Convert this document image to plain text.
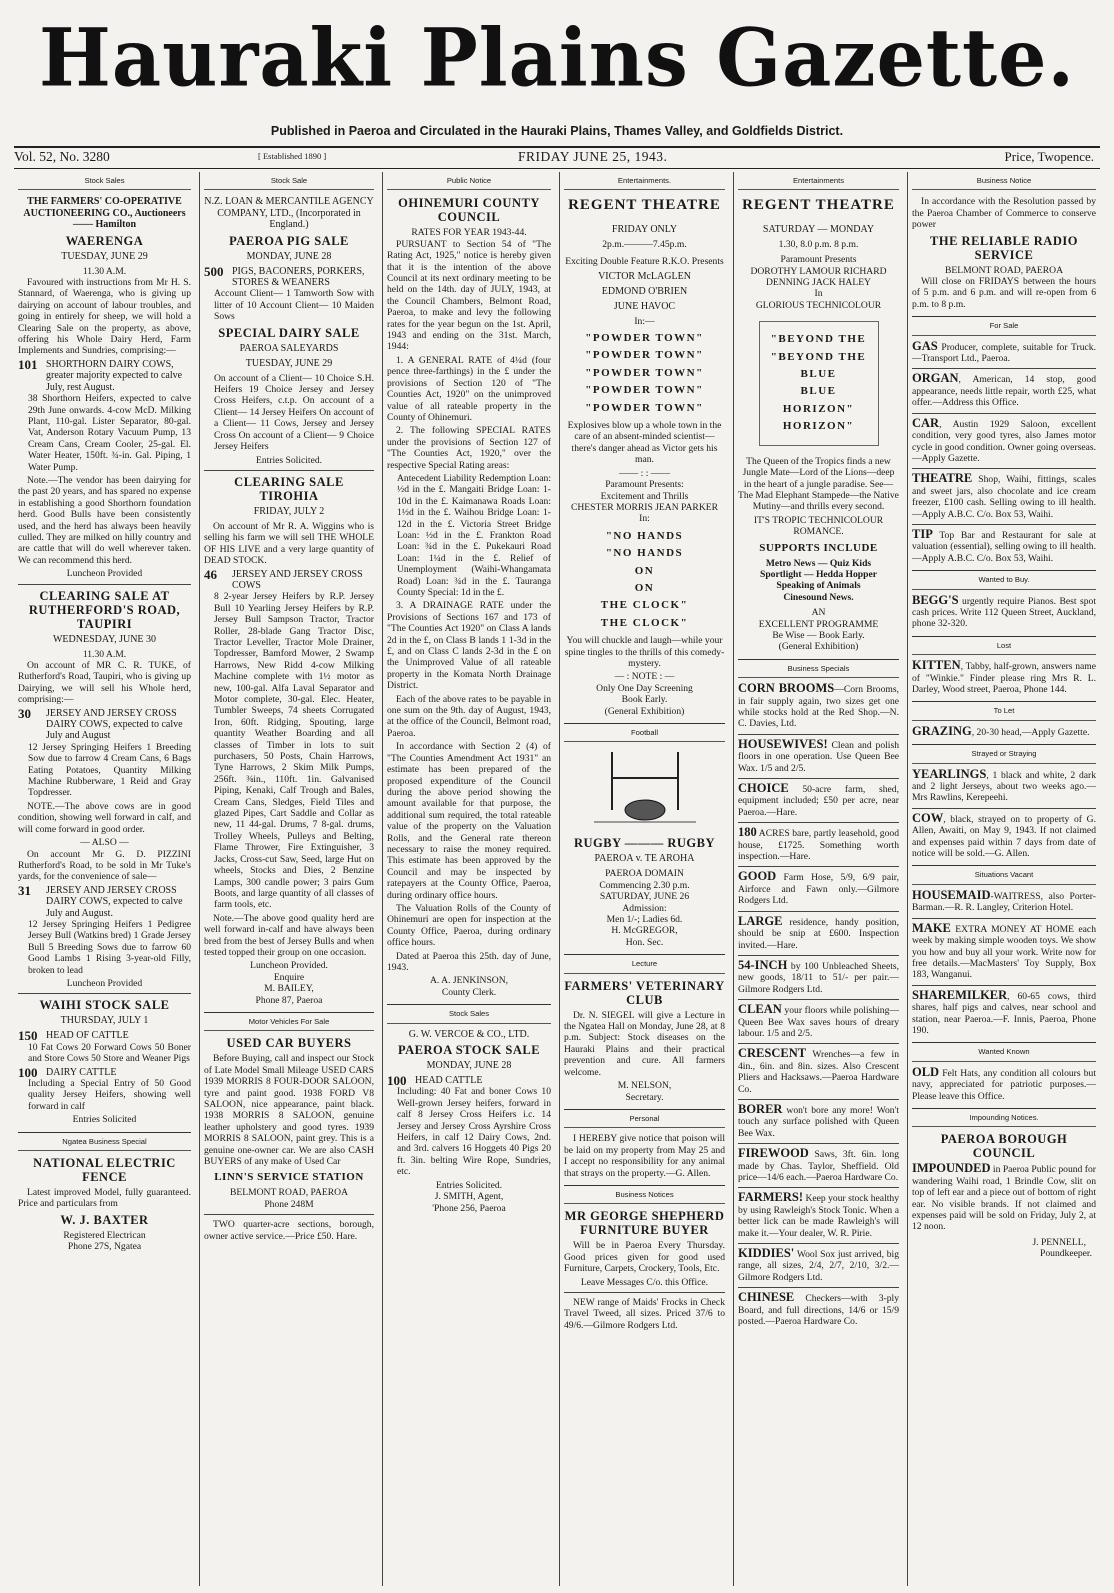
Hauraki Plains Gazette.
Published in Paeroa and Circulated in the Hauraki Plains, Thames Valley, and Goldfields District.
Vol. 52, No. 3280	[ Established 1890 ]	FRIDAY JUNE 25, 1943.	Price, Twopence.
Stock Sales
THE FARMERS' CO-OPERATIVE AUCTIONEERING CO., Auctioneers —— Hamilton
WAERENGA
TUESDAY, JUNE 29
11.30 A.M.
Favoured with instructions from Mr H. S. Stannard, of Waerenga, who is giving up dairying on account of labour troubles, and going in entirely for sheep, we will hold a Clearing Sale on the property, as above, offering his Whole Dairy Herd, Farm Implements and Sundries, comprising:—
101 SHORTHORN DAIRY COWS, greater majority expected to calve July, rest August.
38 Shorthorn Heifers, expected to calve 29th June onwards. 4-cow McD. Milking Plant, 110-gal. Lister Separator, 80-gal. Vat, Anderson Rotary Vacuum Pump, 13 Cream Cans, Cream Cooler, 25-gal. El. Water Heater, 150ft. ¾-in. Gal. Piping, 1 Water Pump.
Note.—The vendor has been dairying for the past 20 years, and has spared no expense in establishing a good Shorthorn foundation herd. Good Bulls have been consistently used, and the herd has always been heavily culled. They are milked on hilly country and are cattle that will do well wherever taken. We can recommend this herd.
Luncheon Provided
CLEARING SALE AT RUTHERFORD'S ROAD, TAUPIRI
WEDNESDAY, JUNE 30
11.30 A.M.
On account of MR C. R. TUKE, of Rutherford's Road, Taupiri, who is giving up Dairying, we will sell his Whole herd, comprising:—
30	JERSEY AND JERSEY CROSS DAIRY COWS, expected to calve July and August
12 Jersey Springing Heifers 1 Breeding Sow due to farrow 4 Cream Cans, 6 Bags Eating Potatoes, Quantity Milking Machine Rubberware, 1 Reid and Gray Topdresser.
NOTE.—The above cows are in good condition, showing well forward in calf, and will come forward in good order.
— ALSO —
On account Mr G. D. PIZZINI Rutherford's Road, to be sold in Mr Tuke's yards, for the convenience of sale—
31	JERSEY AND JERSEY CROSS DAIRY COWS, expected to calve July and August.
12 Jersey Springing Heifers 1 Pedigree Jersey Bull (Watkins bred) 1 Grade Jersey Bull 5 Breeding Sows due to farrow 60 Good Lambs 1 Rising 3-year-old Filly, broken to lead
Luncheon Provided
WAIHI STOCK SALE
THURSDAY, JULY 1
150 HEAD OF CATTLE
10 Fat Cows 20 Forward Cows 50 Boner and Store Cows 50 Store and Weaner Pigs
100 DAIRY CATTLE
Including a Special Entry of 50 Good quality Jersey Heifers, showing well forward in calf
Entries Solicited
Ngatea Business Special
NATIONAL ELECTRIC FENCE
Latest improved Model, fully guaranteed. Price and particulars from
W. J. BAXTER
Registered Electrican
Phone 27S, Ngatea
Stock Sale
N.Z. LOAN & MERCANTILE AGENCY COMPANY, LTD., (Incorporated in England.)
PAEROA PIG SALE
MONDAY, JUNE 28
500 PIGS, BACONERS, PORKERS, STORES & WEANERS
Account Client— 1 Tamworth Sow with litter of 10 Account Client— 10 Maiden Sows
SPECIAL DAIRY SALE
PAEROA SALEYARDS
TUESDAY, JUNE 29
On account of a Client— 10 Choice S.H. Heifers 19 Choice Jersey and Jersey Cross Heifers, c.t.p. On account of a Client— 14 Jersey Heifers On account of a Client— 11 Cows, Jersey and Jersey Cross On account of a Client— 9 Choice Jersey Heifers
Entries Solicited.
CLEARING SALE TIROHIA
FRIDAY, JULY 2
On account of Mr R. A. Wiggins who is selling his farm we will sell THE WHOLE OF HIS LIVE and a very large quantity of DEAD STOCK.
46	JERSEY AND JERSEY CROSS COWS
8 2-year Jersey Heifers by R.P. Jersey Bull 10 Yearling Jersey Heifers by R.P. Jersey Bull Sampson Tractor, Tractor Roller, 28-blade Gang Tractor Disc, Tractor Leveller, Tractor Mole Drainer, Topdresser, Bamford Mower, 2 Swamp Harrows, New Ridd 4-cow Milking Machine complete with 1½ motor as new, 100-gal. Alfa Laval Separator and Motor complete, 30-gal. Elec. Heater, Tumbler Sweeps, 74 sheets Corrugated Iron, 60ft. Ridging, Spouting, large quantity Weather Boarding and all classes of Timber in lots to suit purchasers, 50 Posts, Chain Harrows, Tyne Harrows, 2 Skim Milk Pumps, 256ft. ⅜in., 110ft. 1in. Galvanised Piping, Kenaki, Calf Trough and Bales, Cream Cans, Sledges, Field Tiles and glazed Pipes, Cart Saddle and Collar as new, 11 44-gal. Drums, 7 8-gal. drums, Trolley Wheels, Pulleys and Belting, Flame Thrower, Fire Extinguisher, 3 Jacks, Cross-cut Saw, Seed, large Hut on wheels, Stocks and Dies, 2 Benzine Lamps, 300 candle power; 3 pairs Gum Boots, and large quantity of all classes of farm tools, etc.
Note.—The above good quality herd are well forward in-calf and have always been bred from the best of Jersey Bulls and when tested topped their group on one occasion.
Luncheon Provided.
Enquire
M. BAILEY,
Phone 87, Paeroa
Motor Vehicles For Sale
USED CAR BUYERS
Before Buying, call and inspect our Stock of Late Model Small Mileage USED CARS 1939 MORRIS 8 FOUR-DOOR SALOON, tyre and paint good. 1938 FORD V8 SALOON, nice appearance, paint black. 1938 MORRIS 8 SALOON, genuine leather upholstery and good tyres. 1939 MORRIS 8 SALOON, paint grey. This is a genuine one-owner car. We are also CASH BUYERS of any make of Used Car
LINN'S SERVICE STATION
BELMONT ROAD, PAEROA
Phone 248M
TWO quarter-acre sections, borough, owner active service.—Price £50. Hare.
Public Notice
OHINEMURI COUNTY COUNCIL
RATES FOR YEAR 1943-44.
PURSUANT to Section 54 of "The Rating Act, 1925," notice is hereby given that it is the intention of the above Council at its next ordinary meeting to be held on the 14th. day of JULY, 1943, at the Council Chambers, Belmont Road, Paeroa, to make and levy the following rates for the year begun on the 1st. April, 1943 and ending on the 31st. March, 1944:
1. A GENERAL RATE of 4¼d (four pence three-farthings) in the £ under the provisions of Section 120 of "The Counties Act, 1920" on the unimproved value of all rateable property in the County of Ohinemuri.
2. The following SPECIAL RATES under the provisions of Section 127 of "The Counties Act, 1920," over the respective Special Rating areas:
Antecedent Liability Redemption Loan: ½d in the £. Mangaiti Bridge Loan: 1-10d in the £. Kaimanawa Roads Loan: 1½d in the £. Waihou Bridge Loan: 1-12d in the £. Victoria Street Bridge Loan: ½d in the £. Frankton Road Loan: ¾d in the £. Pukekauri Road Loan: 1¼d in the £. Relief of Unemployment (Waihi-Whangamata Road) Loan: ¾d in the £. Tauranga County Special: 1d in the £.
3. A DRAINAGE RATE under the Provisions of Sections 167 and 173 of "The Counties Act 1920" on Class A lands 2d in the £, on Class B lands 1 1-3d in the £, and on Class C lands 2-3d in the £ on the Unimproved Value of all rateable property in the Komata North Drainage District.
Each of the above rates to be payable in one sum on the 9th. day of August, 1943, at the office of the Council, Belmont road, Paeroa.
In accordance with Section 2 (4) of "The Counties Amendment Act 1931" an estimate has been prepared of the proposed expenditure of the Council during the above period showing the amount available for that purpose, the additional sum required, the total rateable value of the property on the Valuation Rolls, and the General rate thereon necessary to raise the money required. This estimate has been approved by the Council and may be inspected by ratepayers at the County Office, Paeroa, during ordinary office hours.
The Valuation Rolls of the County of Ohinemuri are open for inspection at the County Office, Paeroa, during ordinary office hours.
Dated at Paeroa this 25th. day of June, 1943.
A. A. JENKINSON,
County Clerk.
Stock Sales
G. W. VERCOE & CO., LTD.
PAEROA STOCK SALE
MONDAY, JUNE 28
100 HEAD CATTLE
Including: 40 Fat and boner Cows 10 Well-grown Jersey heifers, forward in calf 8 Jersey Cross Heifers i.c. 14 Jersey and Jersey Cross Ayrshire Cross Heifers, in calf 12 Dairy Cows, 2nd. and 3rd. calvers 16 Hoggets 40 Pigs 20 ft. 3in. belting Wire Rope, Sundries, etc.
Entries Solicited.
J. SMITH, Agent,
'Phone 256, Paeroa
Entertainments.
REGENT THEATRE
FRIDAY ONLY
2p.m.———7.45p.m.
Exciting Double Feature R.K.O. Presents
VICTOR McLAGLEN
EDMOND O'BRIEN
JUNE HAVOC
In:—
"POWDER TOWN"
"POWDER TOWN"
"POWDER TOWN"
"POWDER TOWN"
"POWDER TOWN"
Explosives blow up a whole town in the care of an absent-minded scientist—there's danger ahead as Victor gets his man.
—— : : ——
Paramount Presents:
Excitement and Thrills
CHESTER MORRIS JEAN PARKER
In:
"NO HANDS
"NO HANDS
ON
ON
THE CLOCK"
THE CLOCK"
You will chuckle and laugh—while your spine tingles to the thrills of this comedy-mystery.
— : NOTE : —
Only One Day Screening
Book Early.
(General Exhibition)
Football
RUGBY ——— RUGBY
PAEROA v. TE AROHA
PAEROA DOMAIN
Commencing 2.30 p.m.
SATURDAY, JUNE 26
Admission:
Men 1/-; Ladies 6d.
H. McGREGOR,
Hon. Sec.
Lecture
FARMERS' VETERINARY CLUB
Dr. N. SIEGEL will give a Lecture in the Ngatea Hall on Monday, June 28, at 8 p.m. Subject: Stock diseases on the Hauraki Plains and their practical prevention and cure. All farmers welcome.
M. NELSON,
Secretary.
Personal
I HEREBY give notice that poison will be laid on my property from May 25 and I accept no responsibility for any animal that strays on the property.—G. Allen.
Business Notices
MR GEORGE SHEPHERD FURNITURE BUYER
Will be in Paeroa Every Thursday. Good prices given for good used Furniture, Carpets, Crockery, Tools, Etc.
Leave Messages C/o. this Office.
NEW range of Maids' Frocks in Check Travel Tweed, all sizes. Priced 37/6 to 49/6.—Gilmore Rodgers Ltd.
Entertainments
REGENT THEATRE
SATURDAY — MONDAY
1.30, 8.0 p.m. 8 p.m.
Paramount Presents
DOROTHY LAMOUR RICHARD DENNING JACK HALEY
In
GLORIOUS TECHNICOLOUR
"BEYOND THE
"BEYOND THE
BLUE
BLUE
HORIZON"
HORIZON"
The Queen of the Tropics finds a new Jungle Mate—Lord of the Lions—deep in the heart of a jungle paradise. See—The Mad Elephant Stampede—the Native Mutiny—and thrills every second.
IT'S TROPIC TECHNICOLOUR ROMANCE.
SUPPORTS INCLUDE
Metro News — Quiz Kids
Sportlight — Hedda Hopper
Speaking of Animals
Cinesound News.
AN
EXCELLENT PROGRAMME
Be Wise — Book Early.
(General Exhibition)
Business Specials
CORN BROOMS—Corn Brooms, in fair supply again, two sizes get one while stocks hold at the Red Shop.—N. C. Davies, Ltd.
HOUSEWIVES! Clean and polish floors in one operation. Use Queen Bee Wax. 1/5 and 2/5.
CHOICE 50-acre farm, shed, equipment included; £50 per acre, near Paeroa.—Hare.
180 ACRES bare, partly leasehold, good house, £1725. Something worth inspection.—Hare.
GOOD Farm Hose, 5/9, 6/9 pair, Airforce and Fawn only.—Gilmore Rodgers Ltd.
LARGE residence, handy position, should be snip at £600. Inspection invited.—Hare.
54-INCH by 100 Unbleached Sheets, new goods, 18/11 to 51/- per pair.—Gilmore Rodgers Ltd.
CLEAN your floors while polishing—Queen Bee Wax saves hours of dreary labour. 1/5 and 2/5.
CRESCENT Wrenches—a few in 4in., 6in. and 8in. sizes. Also Crescent Pliers and Hacksaws.—Paeroa Hardware Co.
BORER won't bore any more! Won't touch any surface polished with Queen Bee Wax.
FIREWOOD Saws, 3ft. 6in. long made by Chas. Taylor, Sheffield. Old price—14/6 each.—Paeroa Hardware Co.
FARMERS! Keep your stock healthy by using Rawleigh's Stock Tonic. When a better lick can be made Rawleigh's will make it.—Your dealer, W. R. Pirie.
KIDDIES' Wool Sox just arrived, big range, all sizes, 2/4, 2/7, 2/10, 3/2.—Gilmore Rodgers Ltd.
CHINESE Checkers—with 3-ply Board, and full directions, 14/6 or 15/9 posted.—Paeroa Hardware Co.
Business Notice
In accordance with the Resolution passed by the Paeroa Chamber of Commerce to conserve power
THE RELIABLE RADIO SERVICE
BELMONT ROAD, PAEROA
Will close on FRIDAYS between the hours of 5 p.m. and 6 p.m. and will re-open from 6 p.m. to 8 p.m.
For Sale
GAS Producer, complete, suitable for Truck.—Transport Ltd., Paeroa.
ORGAN, American, 14 stop, good appearance, needs little repair, worth £25, what offer.—Address this Office.
CAR, Austin 1929 Saloon, excellent condition, very good tyres, also James motor cycle in good condition. Owner going overseas.—Apply Gazette.
THEATRE Shop, Waihi, fittings, scales and sweet jars, also chocolate and ice cream freezer, £100 cash. Selling owing to ill health.—Apply A.B.C. C/o. Box 53, Waihi.
TIP Top Bar and Restaurant for sale at valuation (essential), selling owing to ill health.—Apply A.B.C. C/o. Box 53, Waihi.
Wanted to Buy.
BEGG'S urgently require Pianos. Best spot cash prices. Write 112 Queen Street, Auckland, phone 32-320.
Lost
KITTEN, Tabby, half-grown, answers name of "Winkie." Finder please ring Mrs R. L. Darley, Wood street, Paeroa, Phone 144.
To Let
GRAZING, 20-30 head,—Apply Gazette.
Strayed or Straying
YEARLINGS, 1 black and white, 2 dark and 2 light Jerseys, about two weeks ago.—Mrs Rawlins, Kerepeehi.
COW, black, strayed on to property of G. Allen, Awaiti, on May 9, 1943. If not claimed and expenses paid within 7 days from date of notice will be sold.—G. Allen.
Situations Vacant
HOUSEMAID-WAITRESS, also Porter-Barman.—R. R. Langley, Criterion Hotel.
MAKE EXTRA MONEY AT HOME each week by making simple wooden toys. We show you how and buy all your work. Write now for free details.—MacMasters' Toy Supply, Box 183, Wanganui.
SHAREMILKER, 60-65 cows, third shares, half pigs and calves, near school and station, near Paeroa.—F. Innis, Paeroa, Phone 190.
Wanted Known
OLD Felt Hats, any condition all colours but navy, appreciated for patriotic purposes.—Please leave this Office.
Impounding Notices.
PAEROA BOROUGH COUNCIL
IMPOUNDED in Paeroa Public pound for wandering Waihi road, 1 Brindle Cow, slit on top of left ear and a piece out of bottom of right ear. No visible brands. If not claimed and expenses paid will be sold on Friday, July 2, at 12 noon.
J. PENNELL,
Poundkeeper.
